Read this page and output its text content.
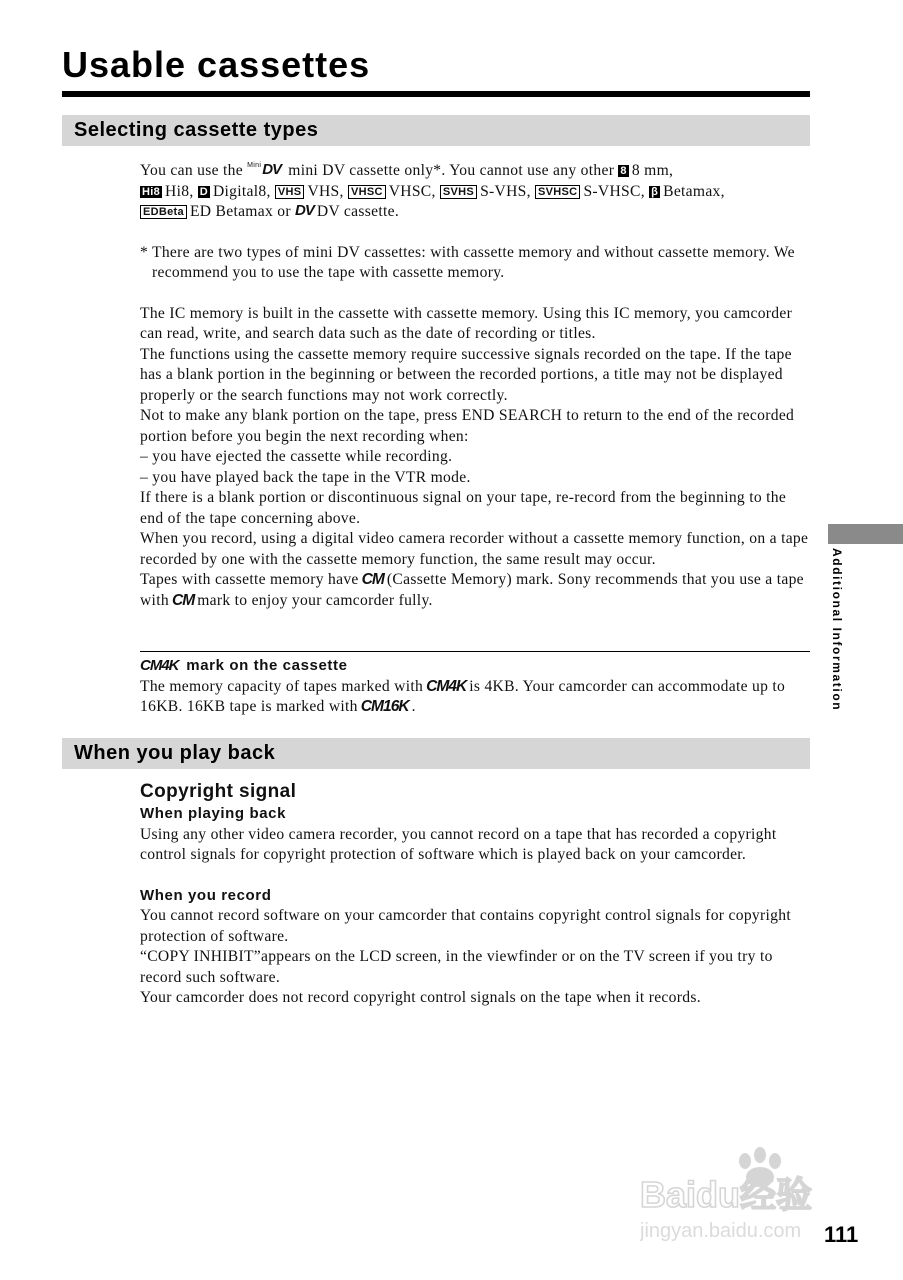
Usable cassettes
Selecting cassette types

You can use the MiniDV mini DV cassette only*. You cannot use any other 8 8 mm,
Hi8 Hi8, D Digital8, VHS VHS, VHSC VHSC, SVHS S-VHS, SVHSC S-VHSC, β Betamax,
EDBeta ED Betamax or DV DV cassette.

* There are two types of mini DV cassettes: with cassette memory and without cassette memory. We recommend you to use the tape with cassette memory.

The IC memory is built in the cassette with cassette memory. Using this IC memory, you camcorder can read, write, and search data such as the date of recording or titles.

The functions using the cassette memory require successive signals recorded on the tape. If the tape has a blank portion in the beginning or between the recorded portions, a title may not be displayed properly or the search functions may not work correctly.

Not to make any blank portion on the tape, press END SEARCH to return to the end of the recorded portion before you begin the next recording when:

– you have ejected the cassette while recording.

– you have played back the tape in the VTR mode.

If there is a blank portion or discontinuous signal on your tape, re-record from the beginning to the end of the tape concerning above.

When you record, using a digital video camera recorder without a cassette memory function, on a tape recorded by one with the cassette memory function, the same result may occur.

Tapes with cassette memory have CM (Cassette Memory) mark. Sony recommends that you use a tape with CM mark to enjoy your camcorder fully.

CM4K mark on the cassette

The memory capacity of tapes marked with CM4K is 4KB. Your camcorder can accommodate up to 16KB. 16KB tape is marked with CM16K .

When you play back

Copyright signal

When playing back

Using any other video camera recorder, you cannot record on a tape that has recorded a copyright control signals for copyright protection of software which is played back on your camcorder.

When you record

You cannot record software on your camcorder that contains copyright control signals for copyright protection of software.

“COPY INHIBIT”appears on the LCD screen, in the viewfinder or on the TV screen if you try to record such software.

Your camcorder does not record copyright control signals on the tape when it records.

Additional Information
Baidu经验
jingyan.baidu.com 111
